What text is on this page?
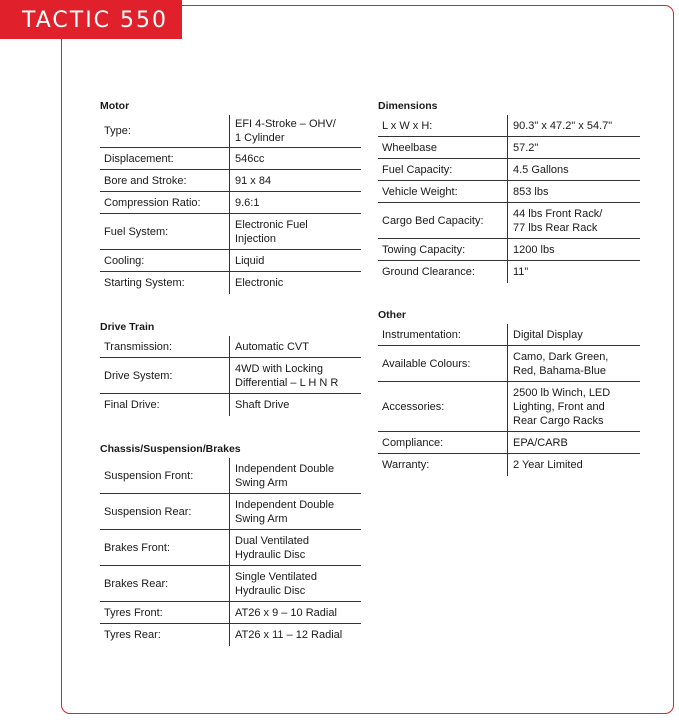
TACTIC 550
Motor
Type:
EFI 4-Stroke – OHV/
1 Cylinder
Displacement:	546cc
Bore and Stroke:	91 x 84
Compression Ratio:	9.6:1
Fuel System:
Electronic Fuel
Injection
Cooling:	Liquid
Starting System:	Electronic
Drive Train
Transmission:	Automatic CVT
Drive System:
4WD with Locking
Differential – L H N R
Final Drive:	Shaft Drive
Chassis/Suspension/Brakes
Suspension Front:
Independent Double
Swing Arm
Suspension Rear:
Independent Double
Swing Arm
Brakes Front:
Dual Ventilated
Hydraulic Disc
Brakes Rear:
Single Ventilated
Hydraulic Disc
Tyres Front:	AT26 x 9 – 10 Radial
Tyres Rear:	AT26 x 11 – 12 Radial
Dimensions
L x W x H:	90.3" x 47.2" x 54.7"
Wheelbase	57.2"
Fuel Capacity:	4.5 Gallons
Vehicle Weight:	853 lbs
Cargo Bed Capacity:
44 lbs Front Rack/
77 lbs Rear Rack
Towing Capacity:	1200 lbs
Ground Clearance:	11"
Other
Instrumentation:	Digital Display
Available Colours:
Camo, Dark Green,
Red, Bahama-Blue
Accessories:
2500 lb Winch, LED
Lighting, Front and
Rear Cargo Racks
Compliance:	EPA/CARB
Warranty:	2 Year Limited
